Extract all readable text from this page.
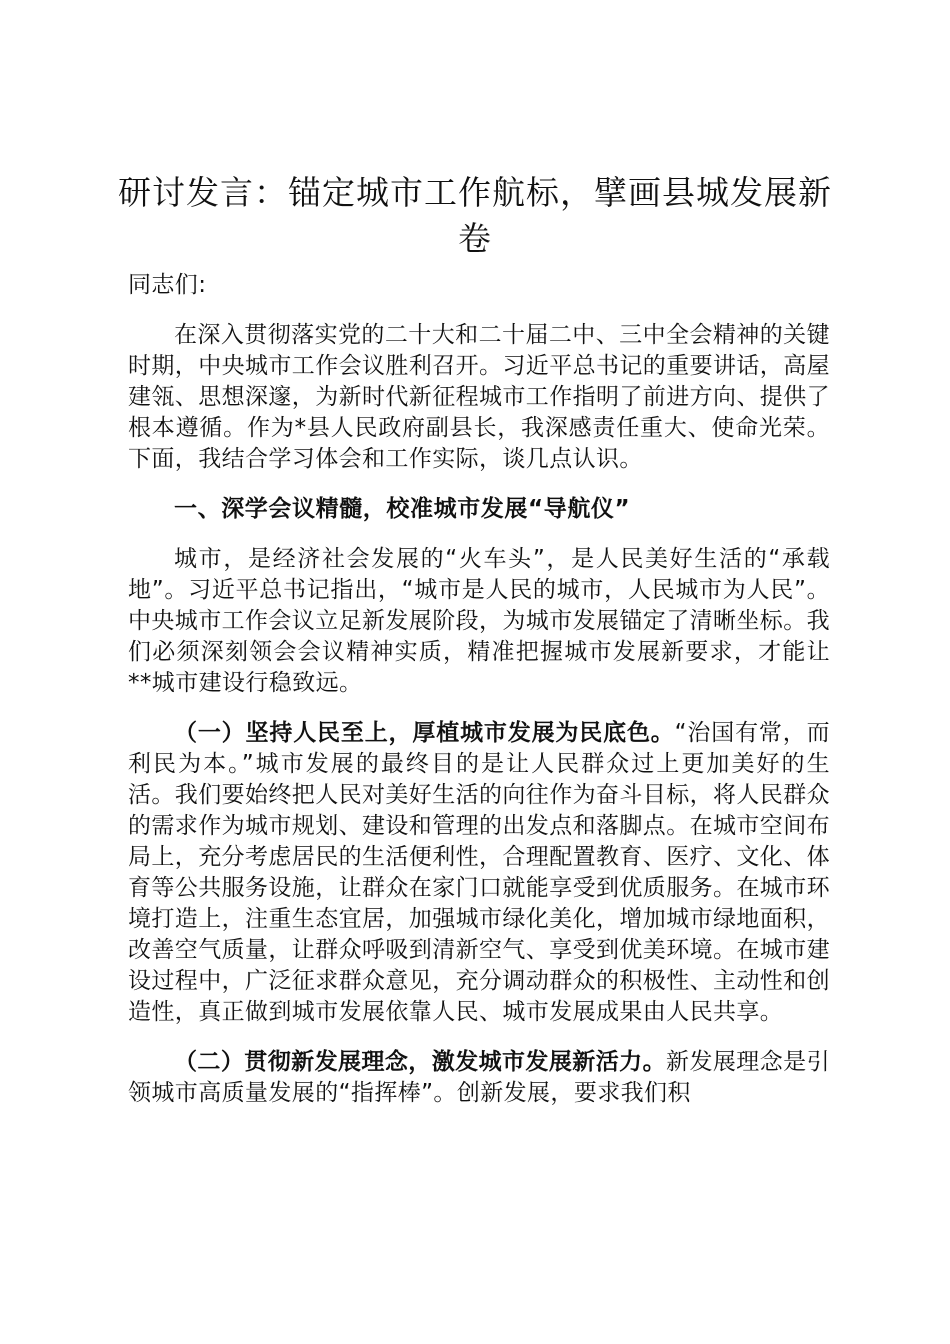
研讨发言：锚定城市工作航标，擘画县城发展新卷
同志们:

在深入贯彻落实党的二十大和二十届二中、三中全会精神的关键时期，中央城市工作会议胜利召开。习近平总书记的重要讲话，高屋建瓴、思想深邃，为新时代新征程城市工作指明了前进方向、提供了根本遵循。作为*县人民政府副县长，我深感责任重大、使命光荣。下面，我结合学习体会和工作实际，谈几点认识。

一、深学会议精髓，校准城市发展“导航仪”

城市，是经济社会发展的“火车头”，是人民美好生活的“承载地”。习近平总书记指出，“城市是人民的城市，人民城市为人民”。中央城市工作会议立足新发展阶段，为城市发展锚定了清晰坐标。我们必须深刻领会会议精神实质，精准把握城市发展新要求，才能让**城市建设行稳致远。

（一）坚持人民至上，厚植城市发展为民底色。“治国有常，而利民为本。”城市发展的最终目的是让人民群众过上更加美好的生活。我们要始终把人民对美好生活的向往作为奋斗目标，将人民群众的需求作为城市规划、建设和管理的出发点和落脚点。在城市空间布局上，充分考虑居民的生活便利性，合理配置教育、医疗、文化、体育等公共服务设施，让群众在家门口就能享受到优质服务。在城市环境打造上，注重生态宜居，加强城市绿化美化，增加城市绿地面积，改善空气质量，让群众呼吸到清新空气、享受到优美环境。在城市建设过程中，广泛征求群众意见，充分调动群众的积极性、主动性和创造性，真正做到城市发展依靠人民、城市发展成果由人民共享。

（二）贯彻新发展理念，激发城市发展新活力。新发展理念是引领城市高质量发展的“指挥棒”。创新发展，要求我们积
